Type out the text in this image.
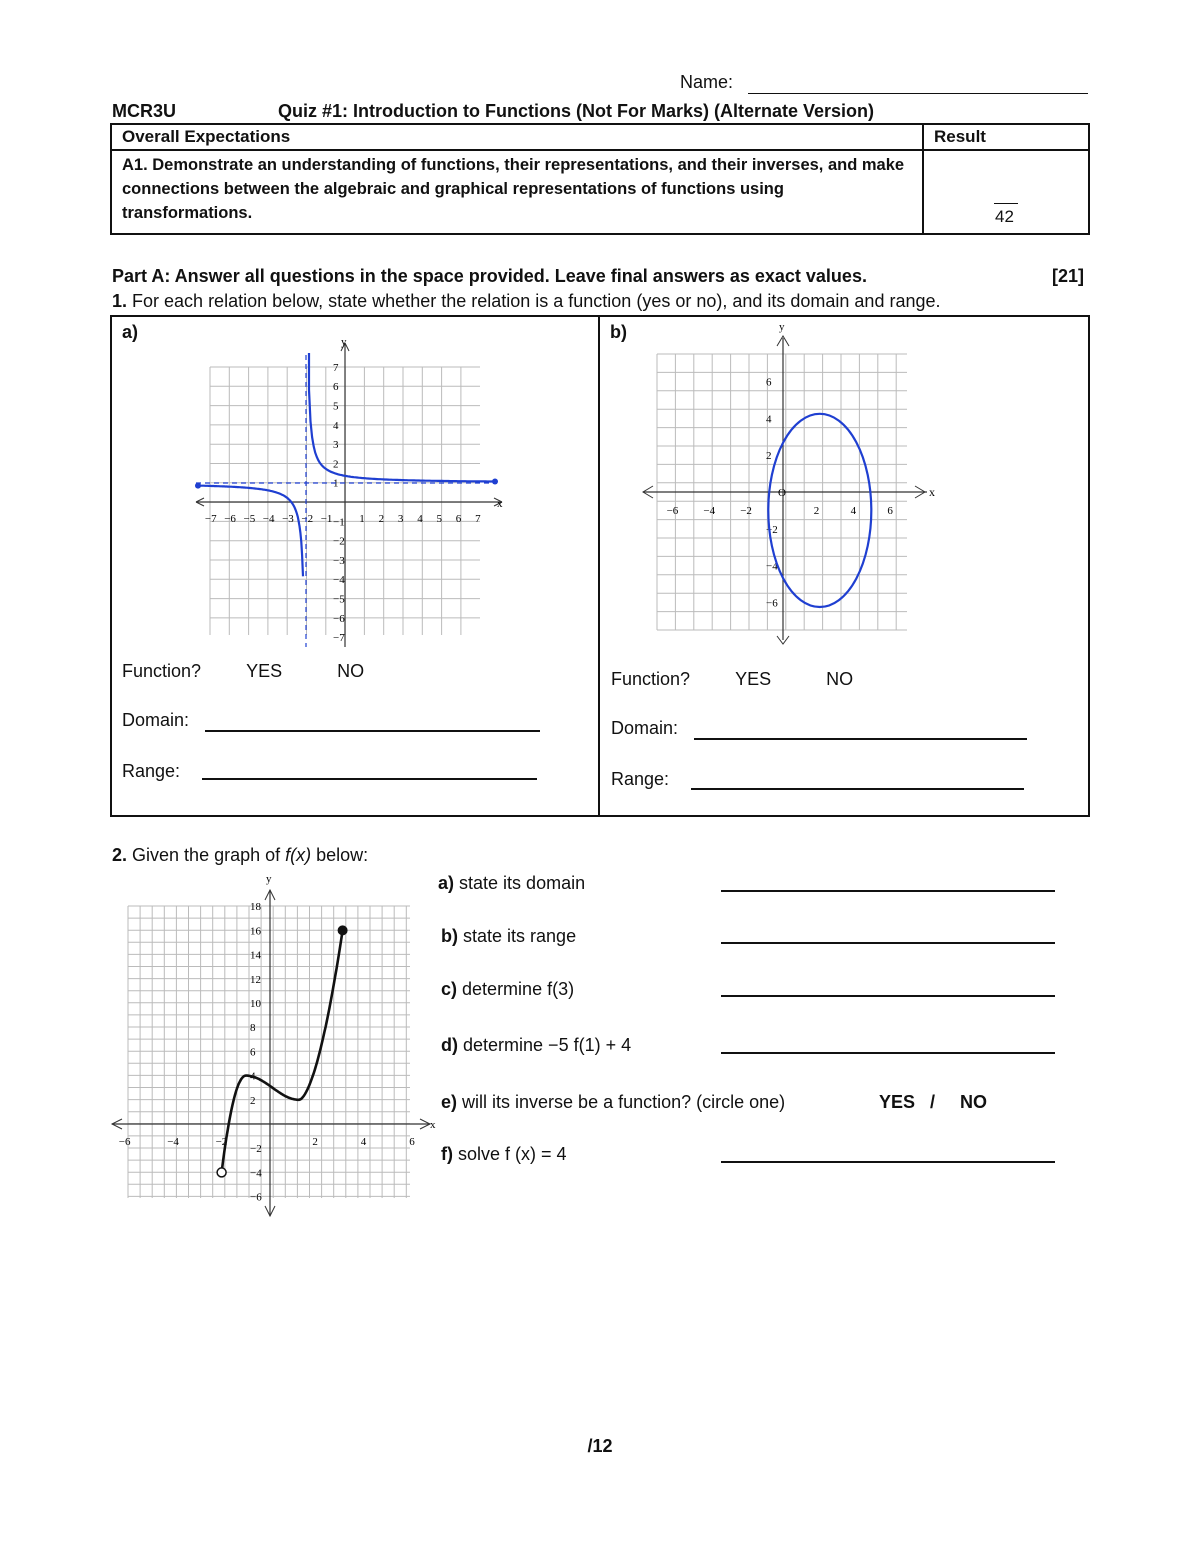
Name:
MCR3U	Quiz #1: Introduction to Functions (Not For Marks) (Alternate Version)
Overall Expectations	Result
A1. Demonstrate an understanding of functions, their representations, and their inverses, and make connections between the algebraic and graphical representations of functions using transformations.	42
Part A: Answer all questions in the space provided. Leave final answers as exact values.	[21]
1. For each relation below, state whether the relation is a function (yes or no), and its domain and range.
a)
x
y
−7 −6 −5 −4 −3 −2 −1 1 2 3 4 5 6 7
7
6
5
4
3
2
1
−1
−2
−3
−4
−5
−6
−7
Function?	YES	NO
Domain:
Range:
b)
x
y
O
−6 −4 −2	2	4	6
6
4
2
−2
−4
−6
Function?	YES	NO
Domain:
Range:
2. Given the graph of f(x) below:
x
y
−6	−4	−2	2	4	6
18
16
14
12
10
8
6
4
2
−2
−4
−6
a) state its domain
b) state its range
c) determine f(3)
d) determine −5 f(1) + 4
e) will its inverse be a function? (circle one)	YES / NO
f) solve f (x) = 4
/12
